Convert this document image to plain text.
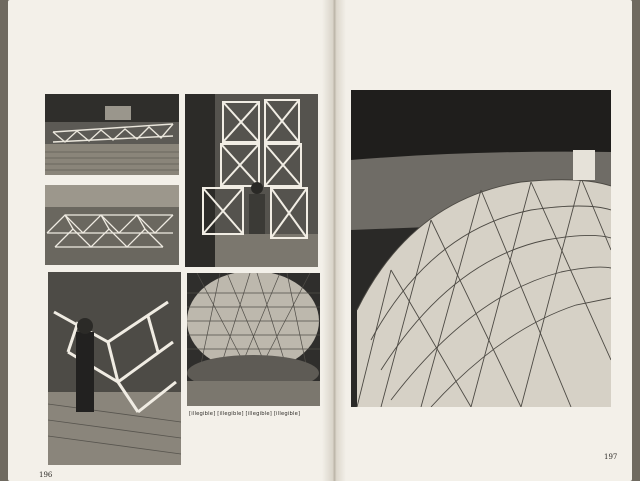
[illegible] [illegible] [illegible] [illegible]
196
197
